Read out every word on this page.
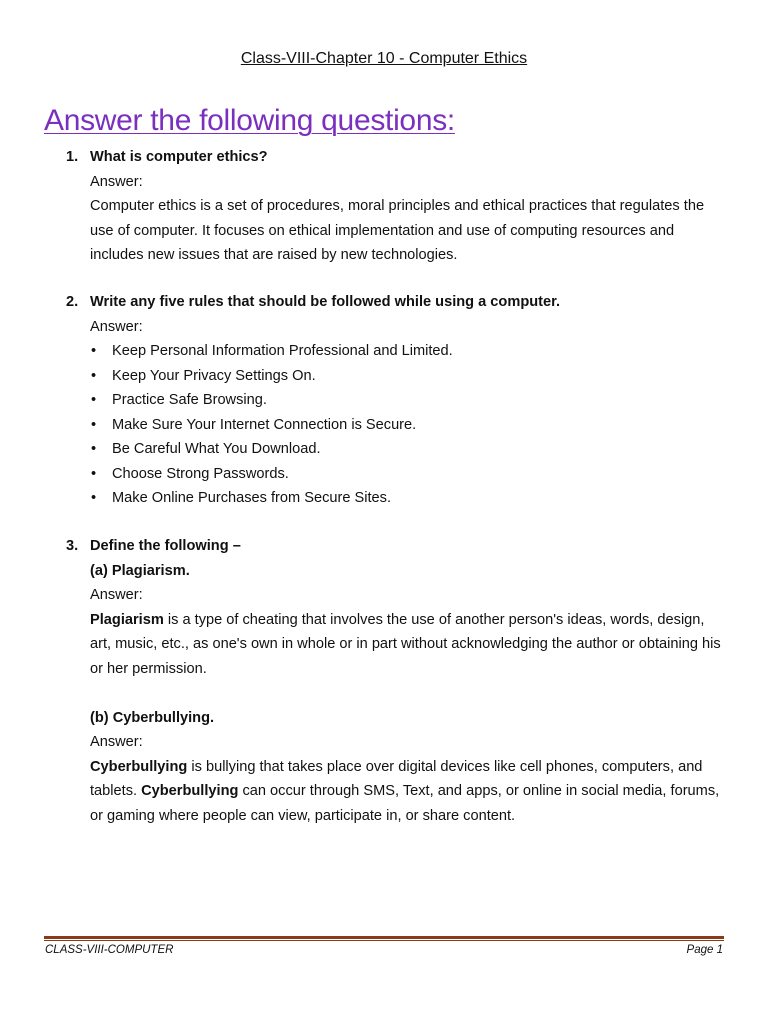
Class-VIII-Chapter 10 - Computer Ethics
Answer the following questions:
1. What is computer ethics?
Answer:
Computer ethics is a set of procedures, moral principles and ethical practices that regulates the use of computer. It focuses on ethical implementation and use of computing resources and includes new issues that are raised by new technologies.
2. Write any five rules that should be followed while using a computer.
Answer:
• Keep Personal Information Professional and Limited.
• Keep Your Privacy Settings On.
• Practice Safe Browsing.
• Make Sure Your Internet Connection is Secure.
• Be Careful What You Download.
• Choose Strong Passwords.
• Make Online Purchases from Secure Sites.
3. Define the following –
(a) Plagiarism.
Answer:
Plagiarism is a type of cheating that involves the use of another person's ideas, words, design, art, music, etc., as one's own in whole or in part without acknowledging the author or obtaining his or her permission.
(b) Cyberbullying.
Answer:
Cyberbullying is bullying that takes place over digital devices like cell phones, computers, and tablets. Cyberbullying can occur through SMS, Text, and apps, or online in social media, forums, or gaming where people can view, participate in, or share content.
CLASS-VIII-COMPUTER	Page 1
